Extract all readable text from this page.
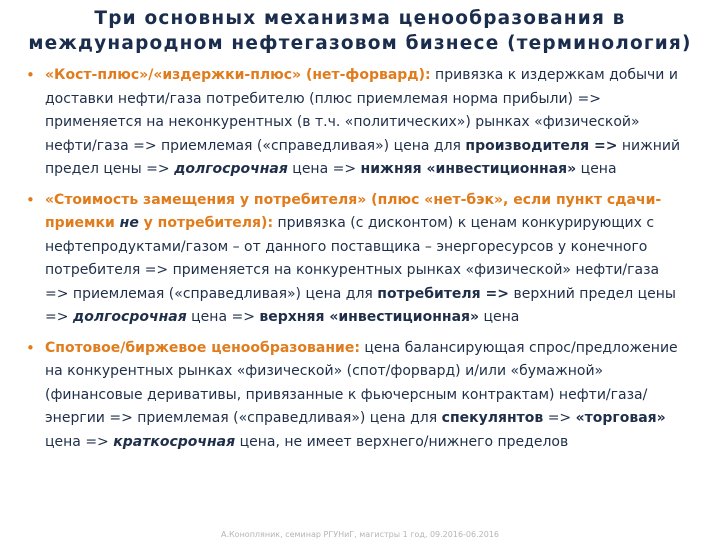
Три основных механизма ценообразования в
международном нефтегазовом бизнесе (терминология)
• «Кост-плюс»/«издержки-плюс» (нет-форвард): привязка к издержкам добычи и доставки нефти/газа потребителю (плюс приемлемая норма прибыли) => применяется на неконкурентных (в т.ч. «политических») рынках «физической» нефти/газа => приемлемая («справедливая») цена для производителя => нижний предел цены => долгосрочная цена => нижняя «инвестиционная» цена
• «Стоимость замещения у потребителя» (плюс «нет-бэк», если пункт сдачи-приемки не у потребителя): привязка (с дисконтом) к ценам конкурирующих с нефтепродуктами/газом – от данного поставщика – энергоресурсов у конечного потребителя => применяется на конкурентных рынках «физической» нефти/газа => приемлемая («справедливая») цена для потребителя => верхний предел цены => долгосрочная цена => верхняя «инвестиционная» цена
• Спотовое/биржевое ценообразование: цена балансирующая спрос/предложение на конкурентных рынках «физической» (спот/форвард) и/или «бумажной» (финансовые деривативы, привязанные к фьючерсным контрактам) нефти/газа/энергии => приемлемая («справедливая») цена для спекулянтов => «торговая» цена => краткосрочная цена, не имеет верхнего/нижнего пределов
А.Конопляник, семинар РГУНиГ, магистры 1 год, 09.2016-06.2016
